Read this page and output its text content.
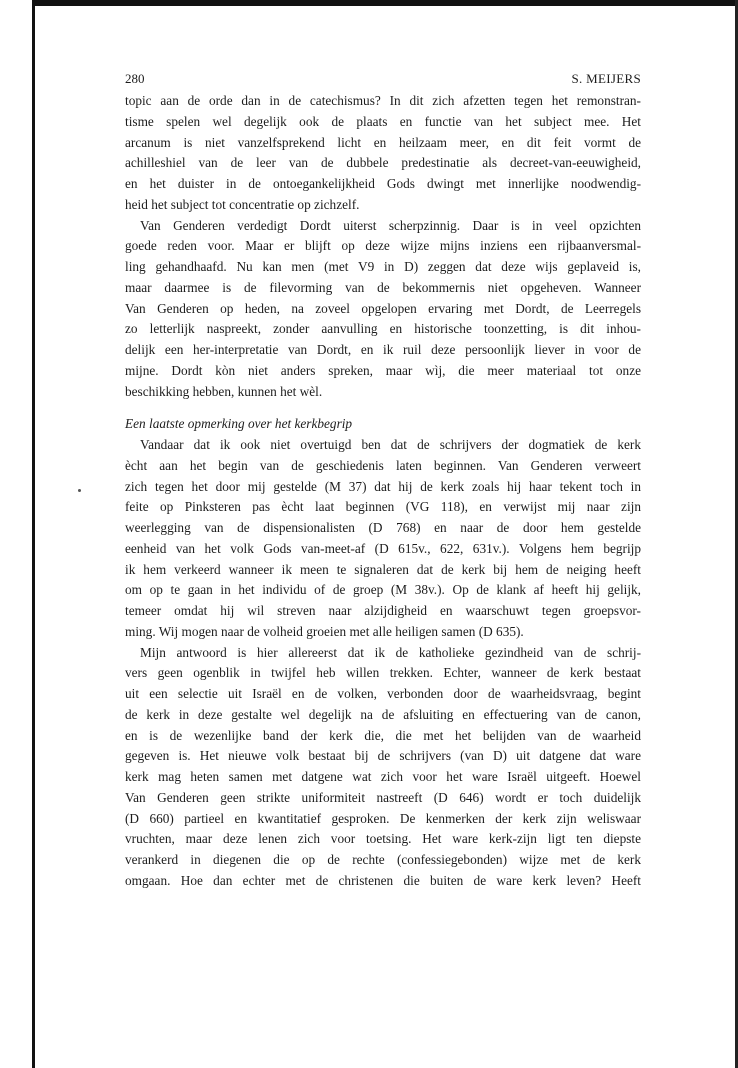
280	S. MEIJERS

topic aan de orde dan in de catechismus? In dit zich afzetten tegen het remonstran-

tisme spelen wel degelijk ook de plaats en functie van het subject mee. Het

arcanum is niet vanzelfsprekend licht en heilzaam meer, en dit feit vormt de

achilleshiel van de leer van de dubbele predestinatie als decreet-van-eeuwigheid,

en het duister in de ontoegankelijkheid Gods dwingt met innerlijke noodwendig-

heid het subject tot concentratie op zichzelf.

Van Genderen verdedigt Dordt uiterst scherpzinnig. Daar is in veel opzichten

goede reden voor. Maar er blijft op deze wijze mijns inziens een rijbaanversmal-

ling gehandhaafd. Nu kan men (met V9 in D) zeggen dat deze wijs geplaveid is,

maar daarmee is de filevorming van de bekommernis niet opgeheven. Wanneer

Van Genderen op heden, na zoveel opgelopen ervaring met Dordt, de Leerregels

zo letterlijk naspreekt, zonder aanvulling en historische toonzetting, is dit inhou-

delijk een her-interpretatie van Dordt, en ik ruil deze persoonlijk liever in voor de

mijne. Dordt kòn niet anders spreken, maar wìj, die meer materiaal tot onze

beschikking hebben, kunnen het wèl.

Een laatste opmerking over het kerkbegrip

Vandaar dat ik ook niet overtuigd ben dat de schrijvers der dogmatiek de kerk

ècht aan het begin van de geschiedenis laten beginnen. Van Genderen verweert

zich tegen het door mij gestelde (M 37) dat hij de kerk zoals hij haar tekent toch in

feite op Pinksteren pas ècht laat beginnen (VG 118), en verwijst mij naar zijn

weerlegging van de dispensionalisten (D 768) en naar de door hem gestelde

eenheid van het volk Gods van-meet-af (D 615v., 622, 631v.). Volgens hem begrijp

ik hem verkeerd wanneer ik meen te signaleren dat de kerk bij hem de neiging heeft

om op te gaan in het individu of de groep (M 38v.). Op de klank af heeft hij gelijk,

temeer omdat hij wil streven naar alzijdigheid en waarschuwt tegen groepsvor-

ming. Wij mogen naar de volheid groeien met alle heiligen samen (D 635).

Mijn antwoord is hier allereerst dat ik de katholieke gezindheid van de schrij-

vers geen ogenblik in twijfel heb willen trekken. Echter, wanneer de kerk bestaat

uit een selectie uit Israël en de volken, verbonden door de waarheidsvraag, begint

de kerk in deze gestalte wel degelijk na de afsluiting en effectuering van de canon,

en is de wezenlijke band der kerk die, die met het belijden van de waarheid

gegeven is. Het nieuwe volk bestaat bij de schrijvers (van D) uit datgene dat ware

kerk mag heten samen met datgene wat zich voor het ware Israël uitgeeft. Hoewel

Van Genderen geen strikte uniformiteit nastreeft (D 646) wordt er toch duidelijk

(D 660) partieel en kwantitatief gesproken. De kenmerken der kerk zijn weliswaar

vruchten, maar deze lenen zich voor toetsing. Het ware kerk-zijn ligt ten diepste

verankerd in diegenen die op de rechte (confessiegebonden) wijze met de kerk

omgaan. Hoe dan echter met de christenen die buiten de ware kerk leven? Heeft
